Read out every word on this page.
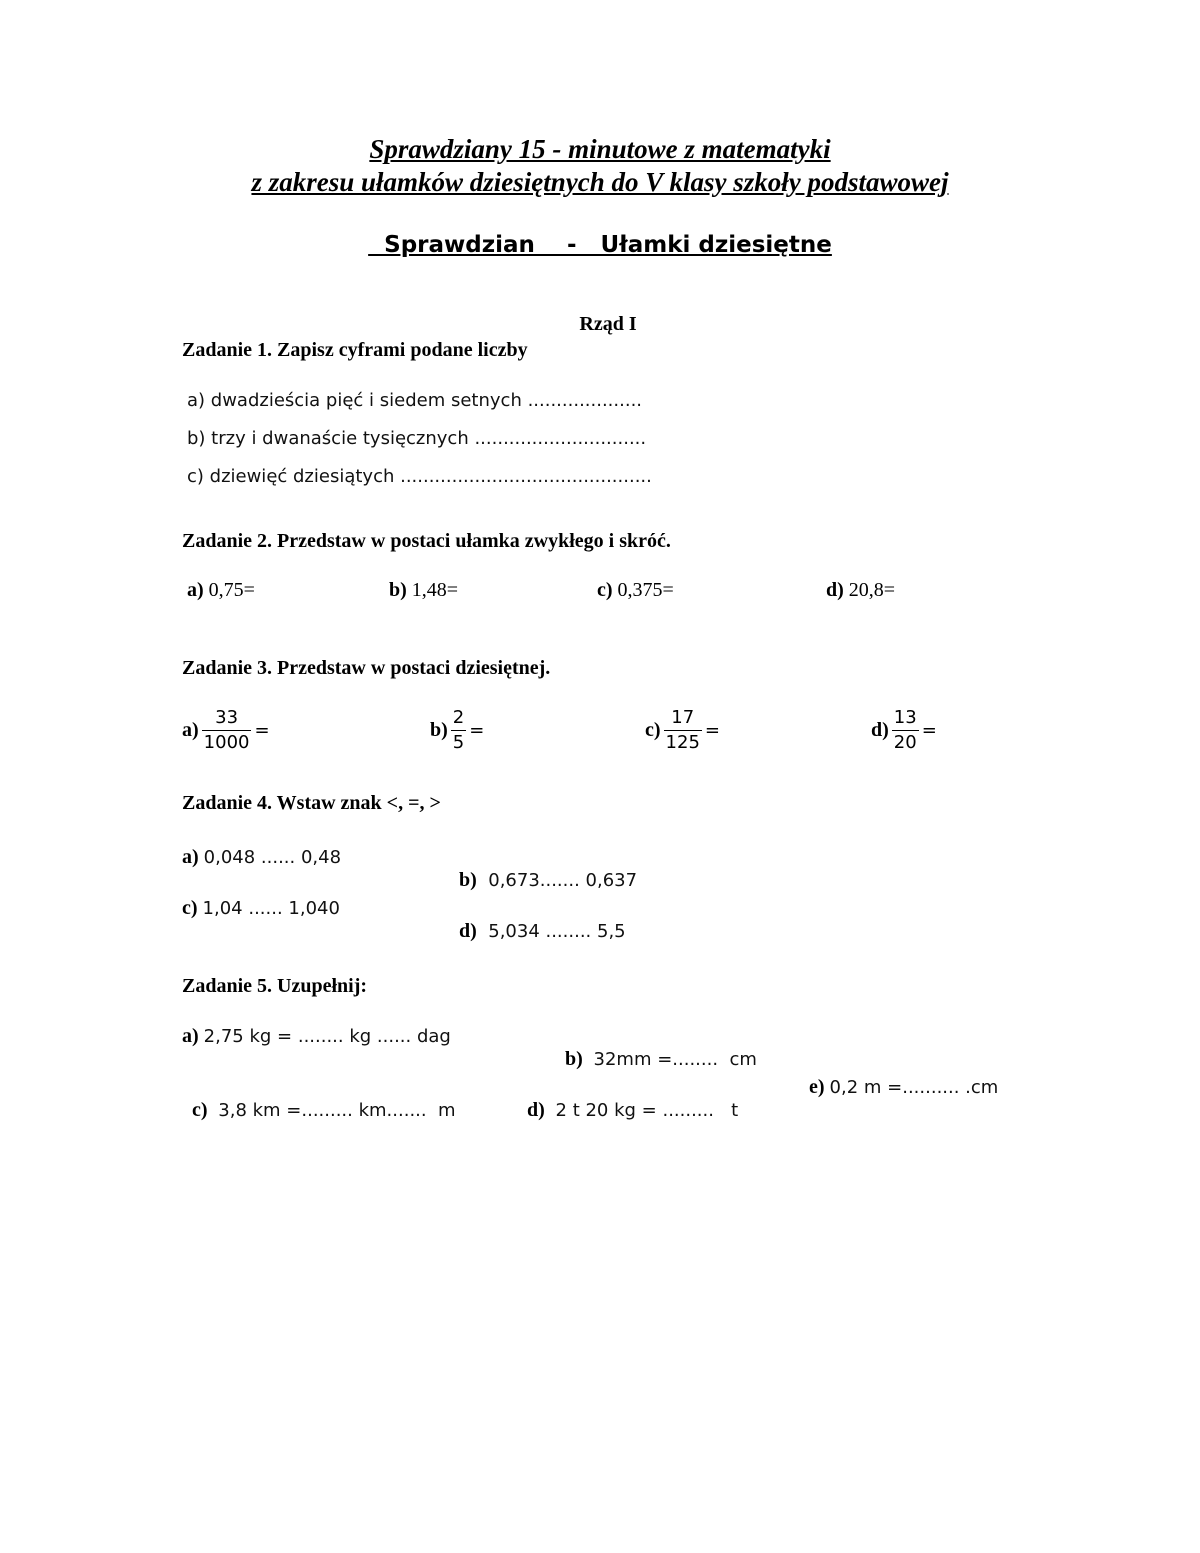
Sprawdziany 15 - minutowe z matematyki
z zakresu ułamków dziesiętnych do V klasy szkoły podstawowej
Sprawdzian    -   Ułamki dziesiętne
Rząd I
Zadanie 1. Zapisz cyframi podane liczby
a) dwadzieścia pięć i siedem setnych ....................
b) trzy i dwanaście tysięcznych ..............................
c) dziewięć dziesiątych ............................................
Zadanie 2. Przedstaw w postaci ułamka zwykłego i skróć.
a) 0,75=	b) 1,48=	c) 0,375=	d) 20,8=
Zadanie 3. Przedstaw w postaci dziesiętnej.
$a) \frac{33}{1000}$ =	$b) \frac{2}{5}$ =	$c) \frac{17}{125}$ =	$d) \frac{13}{20}$ =
Zadanie 4. Wstaw znak <, =, >
a) 0,048 ...... 0,48

b)  0,673....... 0,637

c) 1,04 ...... 1,040

d)  5,034 ........ 5,5

Zadanie 5. Uzupełnij:
a) 2,75 kg = ........ kg ...... dag

b)  32mm =........  cm

c)  3,8 km =......... km.......  m	d)  2 t 20 kg = .........   t

e) 0,2 m =.......... .cm
